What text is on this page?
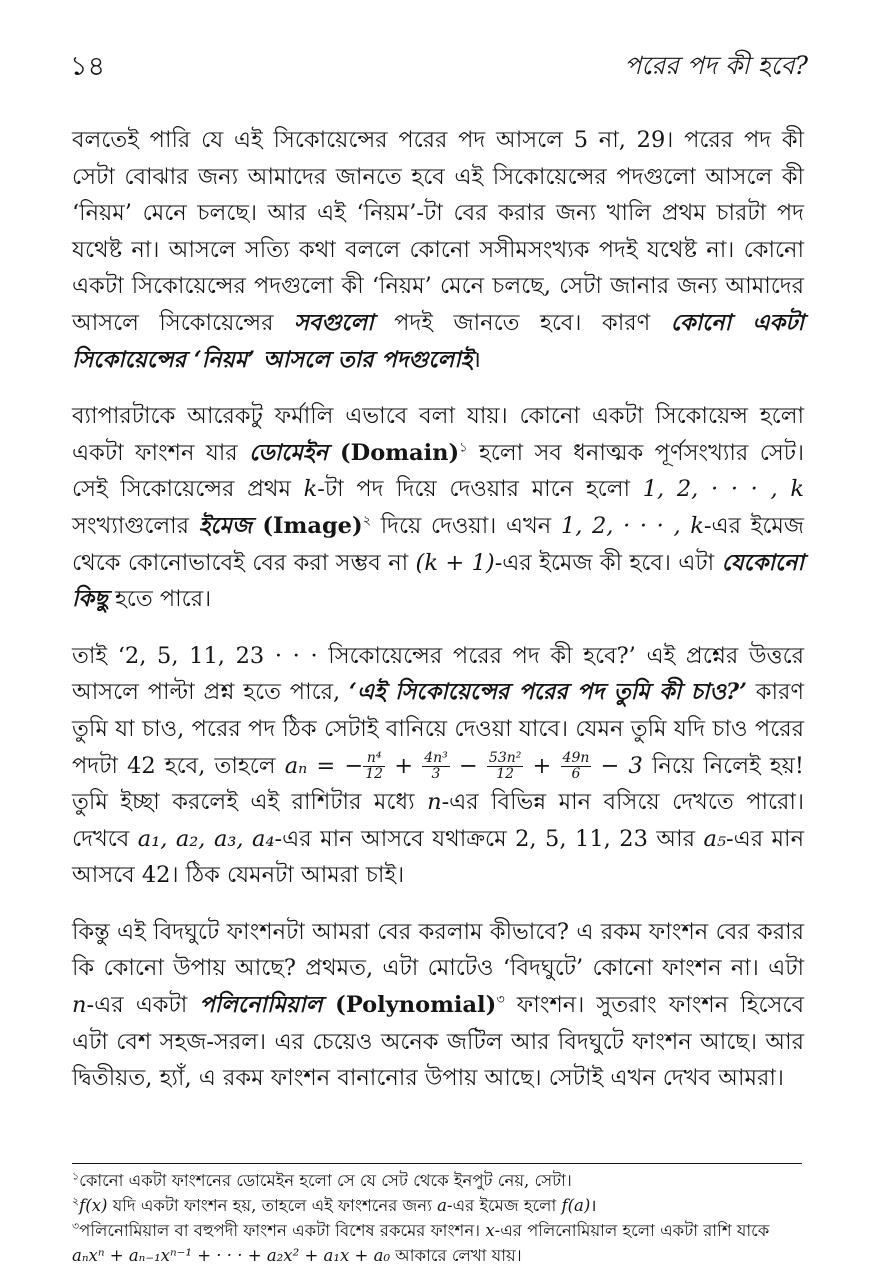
১৪	পরের পদ কী হবে?

বলতেই পারি যে এই সিকোয়েন্সের পরের পদ আসলে 5 না, 29। পরের পদ কী সেটা বোঝার জন্য আমাদের জানতে হবে এই সিকোয়েন্সের পদগুলো আসলে কী ‘নিয়ম’ মেনে চলছে। আর এই ‘নিয়ম’-টা বের করার জন্য খালি প্রথম চারটা পদ যথেষ্ট না। আসলে সত্যি কথা বললে কোনো সসীমসংখ্যক পদই যথেষ্ট না। কোনো একটা সিকোয়েন্সের পদগুলো কী ‘নিয়ম’ মেনে চলছে, সেটা জানার জন্য আমাদের আসলে সিকোয়েন্সের সবগুলো পদই জানতে হবে। কারণ কোনো একটা সিকোয়েন্সের ‘নিয়ম’ আসলে তার পদগুলোই।

ব্যাপারটাকে আরেকটু ফর্মালি এভাবে বলা যায়। কোনো একটা সিকোয়েন্স হলো একটা ফাংশন যার ডোমেইন (Domain)$^১$ হলো সব ধনাত্মক পূর্ণসংখ্যার সেট। সেই সিকোয়েন্সের প্রথম k-টা পদ দিয়ে দেওয়ার মানে হলো 1, 2, · · · , k সংখ্যাগুলোর ইমেজ (Image)$^২$ দিয়ে দেওয়া। এখন 1, 2, · · · , k-এর ইমেজ থেকে কোনোভাবেই বের করা সম্ভব না (k + 1)-এর ইমেজ কী হবে। এটা যেকোনো কিছু হতে পারে।

তাই ‘2, 5, 11, 23 · · · সিকোয়েন্সের পরের পদ কী হবে?’ এই প্রশ্নের উত্তরে আসলে পাল্টা প্রশ্ন হতে পারে, ‘এই সিকোয়েন্সের পরের পদ তুমি কী চাও?’ কারণ তুমি যা চাও, পরের পদ ঠিক সেটাই বানিয়ে দেওয়া যাবে। যেমন তুমি যদি চাও পরের পদটা 42 হবে, তাহলে aₙ = − $\frac{\text{n⁴}}{12} + \frac{\text{4n³}}{3} - \frac{\text{53n²}}{12} + \frac{49n}{6} - 3$ নিয়ে নিলেই হয়! তুমি ইচ্ছা করলেই এই রাশিটার মধ্যে n-এর বিভিন্ন মান বসিয়ে দেখতে পারো। দেখবে a₁, a₂, a₃, a₄-এর মান আসবে যথাক্রমে 2, 5, 11, 23 আর a₅-এর মান আসবে 42। ঠিক যেমনটা আমরা চাই।

কিন্তু এই বিদঘুটে ফাংশনটা আমরা বের করলাম কীভাবে? এ রকম ফাংশন বের করার কি কোনো উপায় আছে? প্রথমত, এটা মোটেও ‘বিদঘুটে’ কোনো ফাংশন না। এটা n-এর একটা পলিনোমিয়াল (Polynomial)$^৩$ ফাংশন। সুতরাং ফাংশন হিসেবে এটা বেশ সহজ-সরল। এর চেয়েও অনেক জটিল আর বিদঘুটে ফাংশন আছে। আর দ্বিতীয়ত, হ্যাঁ, এ রকম ফাংশন বানানোর উপায় আছে। সেটাই এখন দেখব আমরা।

$^১$কোনো একটা ফাংশনের ডোমেইন হলো সে যে সেট থেকে ইনপুট নেয়, সেটা।

$^২$f(x) যদি একটা ফাংশন হয়, তাহলে এই ফাংশনের জন্য a-এর ইমেজ হলো f(a)।

$^৩$পলিনোমিয়াল বা বহুপদী ফাংশন একটা বিশেষ রকমের ফাংশন। x-এর পলিনোমিয়াল হলো একটা রাশি যাকে aₙxⁿ + aₙ₋₁xⁿ⁻¹ + · · · + a₂x² + a₁x + a₀ আকারে লেখা যায়।
